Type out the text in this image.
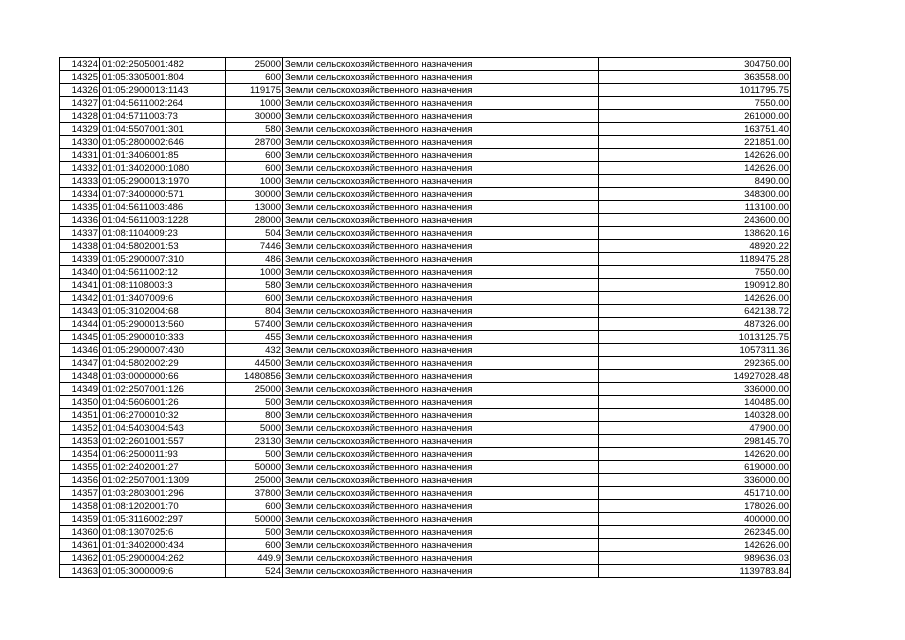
14324	01:02:2505001:482	25000	Земли сельскохозяйственного назначения	304750.00
14325	01:05:3305001:804	600	Земли сельскохозяйственного назначения	363558.00
14326	01:05:2900013:1143	119175	Земли сельскохозяйственного назначения	1011795.75
14327	01:04:5611002:264	1000	Земли сельскохозяйственного назначения	7550.00
14328	01:04:5711003:73	30000	Земли сельскохозяйственного назначения	261000.00
14329	01:04:5507001:301	580	Земли сельскохозяйственного назначения	163751.40
14330	01:05:2800002:646	28700	Земли сельскохозяйственного назначения	221851.00
14331	01:01:3406001:85	600	Земли сельскохозяйственного назначения	142626.00
14332	01:01:3402000:1080	600	Земли сельскохозяйственного назначения	142626.00
14333	01:05:2900013:1970	1000	Земли сельскохозяйственного назначения	8490.00
14334	01:07:3400000:571	30000	Земли сельскохозяйственного назначения	348300.00
14335	01:04:5611003:486	13000	Земли сельскохозяйственного назначения	113100.00
14336	01:04:5611003:1228	28000	Земли сельскохозяйственного назначения	243600.00
14337	01:08:1104009:23	504	Земли сельскохозяйственного назначения	138620.16
14338	01:04:5802001:53	7446	Земли сельскохозяйственного назначения	48920.22
14339	01:05:2900007:310	486	Земли сельскохозяйственного назначения	1189475.28
14340	01:04:5611002:12	1000	Земли сельскохозяйственного назначения	7550.00
14341	01:08:1108003:3	580	Земли сельскохозяйственного назначения	190912.80
14342	01:01:3407009:6	600	Земли сельскохозяйственного назначения	142626.00
14343	01:05:3102004:68	804	Земли сельскохозяйственного назначения	642138.72
14344	01:05:2900013:560	57400	Земли сельскохозяйственного назначения	487326.00
14345	01:05:2900010:333	455	Земли сельскохозяйственного назначения	1013125.75
14346	01:05:2900007:430	432	Земли сельскохозяйственного назначения	1057311.36
14347	01:04:5802002:29	44500	Земли сельскохозяйственного назначения	292365.00
14348	01:03:0000000:66	1480856	Земли сельскохозяйственного назначения	14927028.48
14349	01:02:2507001:126	25000	Земли сельскохозяйственного назначения	336000.00
14350	01:04:5606001:26	500	Земли сельскохозяйственного назначения	140485.00
14351	01:06:2700010:32	800	Земли сельскохозяйственного назначения	140328.00
14352	01:04:5403004:543	5000	Земли сельскохозяйственного назначения	47900.00
14353	01:02:2601001:557	23130	Земли сельскохозяйственного назначения	298145.70
14354	01:06:2500011:93	500	Земли сельскохозяйственного назначения	142620.00
14355	01:02:2402001:27	50000	Земли сельскохозяйственного назначения	619000.00
14356	01:02:2507001:1309	25000	Земли сельскохозяйственного назначения	336000.00
14357	01:03:2803001:296	37800	Земли сельскохозяйственного назначения	451710.00
14358	01:08:1202001:70	600	Земли сельскохозяйственного назначения	178026.00
14359	01:05:3116002:297	50000	Земли сельскохозяйственного назначения	400000.00
14360	01:08:1307025:6	500	Земли сельскохозяйственного назначения	262345.00
14361	01:01:3402000:434	600	Земли сельскохозяйственного назначения	142626.00
14362	01:05:2900004:262	449.9	Земли сельскохозяйственного назначения	989636.03
14363	01:05:3000009:6	524	Земли сельскохозяйственного назначения	1139783.84
